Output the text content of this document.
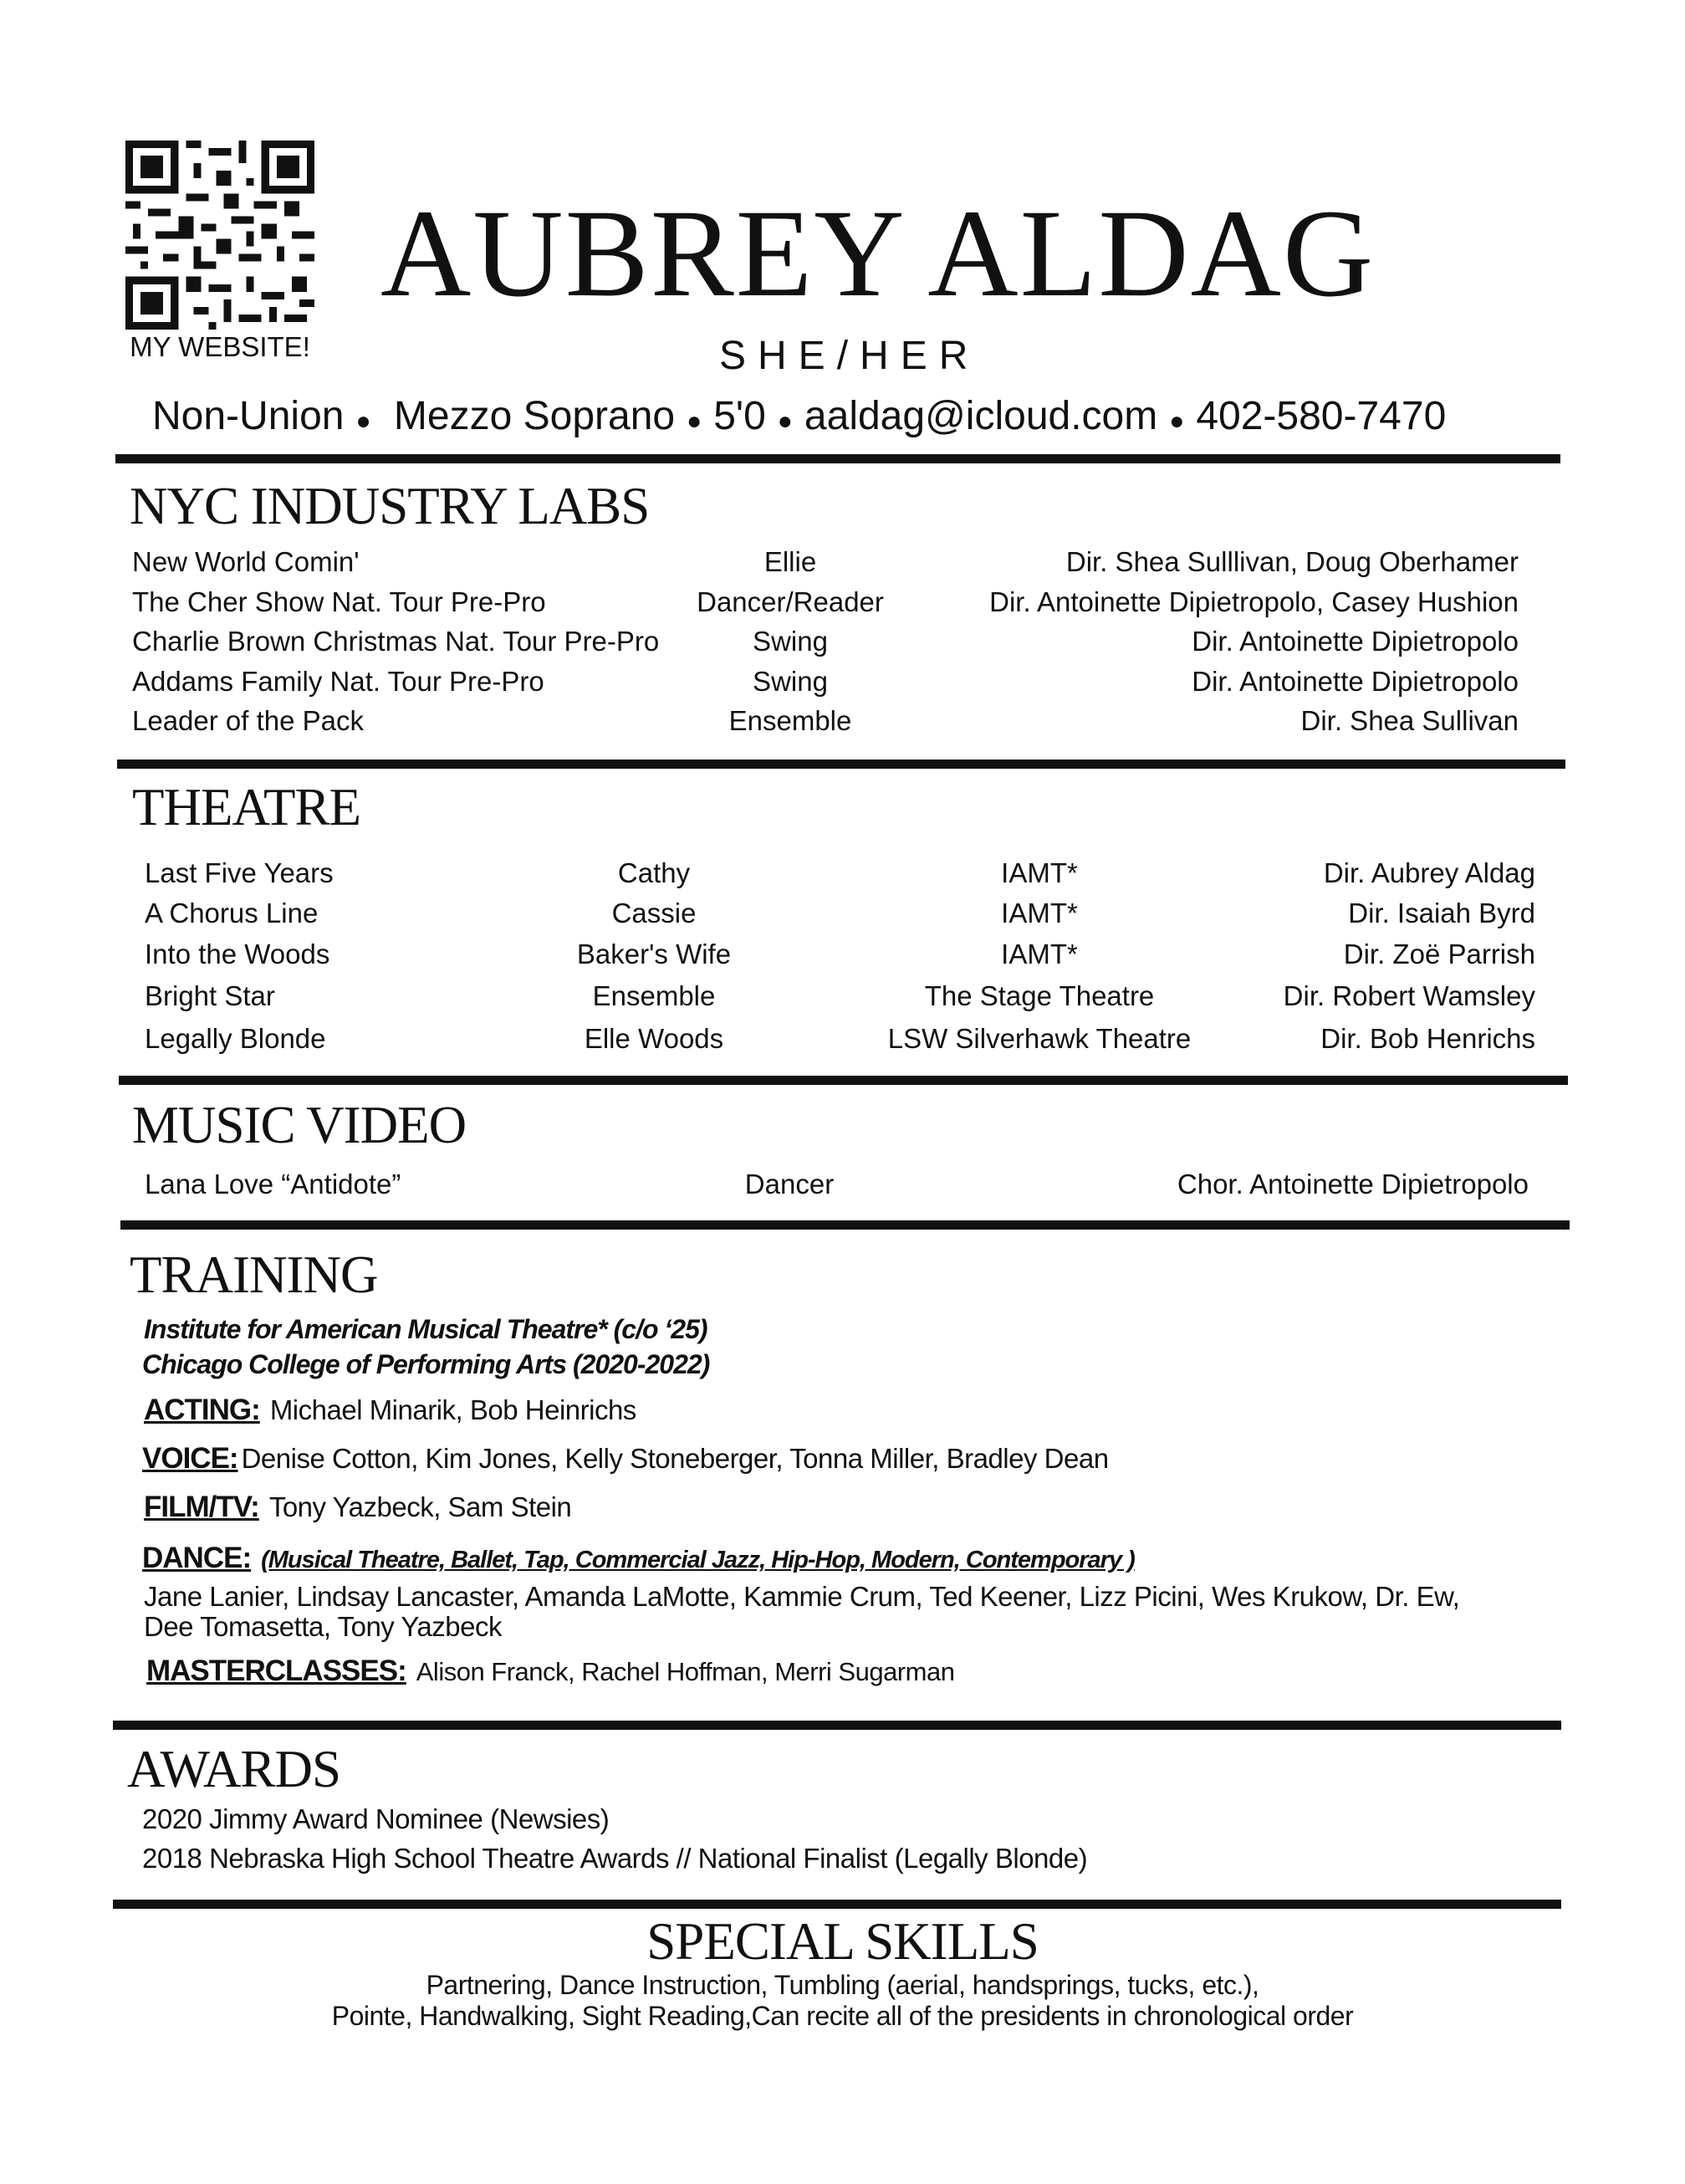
MY WEBSITE!
AUBREY ALDAG
SHE/HER
Non-Union ● Mezzo Soprano ● 5'0 ● aaldag@icloud.com ● 402-580-7470
NYC INDUSTRY LABS
New World Comin'	Ellie	Dir. Shea Sulllivan, Doug Oberhamer
The Cher Show Nat. Tour Pre-Pro	Dancer/Reader	Dir. Antoinette Dipietropolo, Casey Hushion
Charlie Brown Christmas Nat. Tour Pre-Pro	Swing	Dir. Antoinette Dipietropolo
Addams Family Nat. Tour Pre-Pro	Swing	Dir. Antoinette Dipietropolo
Leader of the Pack	Ensemble	Dir. Shea Sullivan
THEATRE
Last Five Years	Cathy	IAMT*	Dir. Aubrey Aldag
A Chorus Line	Cassie	IAMT*	Dir. Isaiah Byrd
Into the Woods	Baker's Wife	IAMT*	Dir. Zoë Parrish
Bright Star	Ensemble	The Stage Theatre	Dir. Robert Wamsley
Legally Blonde	Elle Woods	LSW Silverhawk Theatre	Dir. Bob Henrichs
MUSIC VIDEO
Lana Love “Antidote”	Dancer	Chor. Antoinette Dipietropolo
TRAINING
Institute for American Musical Theatre* (c/o ‘25)
Chicago College of Performing Arts (2020-2022)
ACTING: Michael Minarik, Bob Heinrichs
VOICE: Denise Cotton, Kim Jones, Kelly Stoneberger, Tonna Miller, Bradley Dean
FILM/TV: Tony Yazbeck, Sam Stein
DANCE: (Musical Theatre, Ballet, Tap, Commercial Jazz, Hip-Hop, Modern, Contemporary )
Jane Lanier, Lindsay Lancaster, Amanda LaMotte, Kammie Crum, Ted Keener, Lizz Picini, Wes Krukow, Dr. Ew,
Dee Tomasetta, Tony Yazbeck
MASTERCLASSES: Alison Franck, Rachel Hoffman, Merri Sugarman
AWARDS
2020 Jimmy Award Nominee (Newsies)
2018 Nebraska High School Theatre Awards // National Finalist (Legally Blonde)
SPECIAL SKILLS
Partnering, Dance Instruction, Tumbling (aerial, handsprings, tucks, etc.),
Pointe, Handwalking, Sight Reading,Can recite all of the presidents in chronological order
